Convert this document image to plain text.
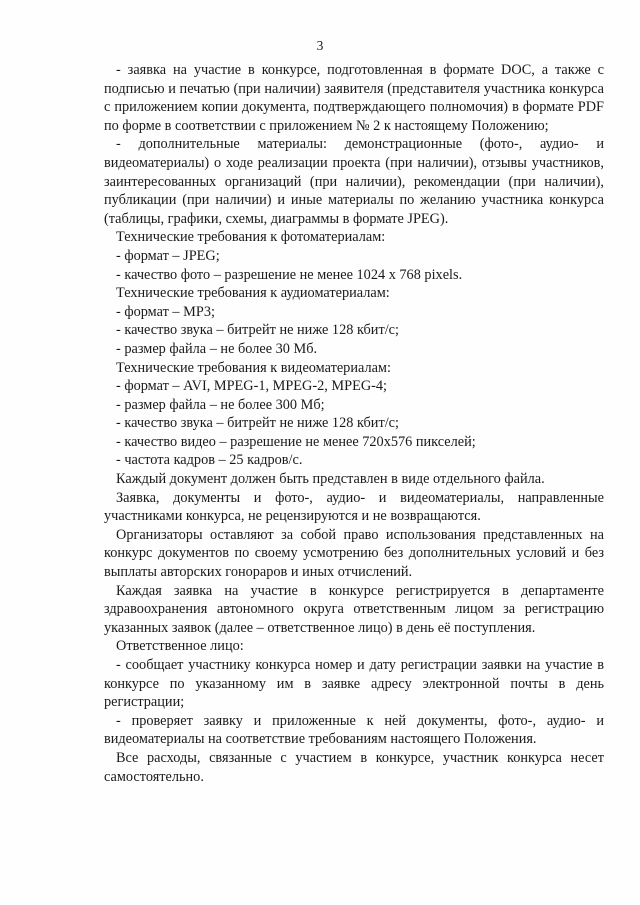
3

- заявка на участие в конкурсе, подготовленная в формате DOC, а также с подписью и печатью (при наличии) заявителя (представителя участника конкурса с приложением копии документа, подтверждающего полномочия) в формате PDF по форме в соответствии с приложением № 2 к настоящему Положению;

- дополнительные материалы: демонстрационные (фото-, аудио- и видеоматериалы) о ходе реализации проекта (при наличии), отзывы участников, заинтересованных организаций (при наличии), рекомендации (при наличии), публикации (при наличии) и иные материалы по желанию участника конкурса (таблицы, графики, схемы, диаграммы в формате JPEG).

Технические требования к фотоматериалам:

- формат – JPEG;

- качество фото – разрешение не менее 1024 x 768 pixels.

Технические требования к аудиоматериалам:

- формат – MP3;

- качество звука – битрейт не ниже 128 кбит/с;

- размер файла – не более 30 Мб.

Технические требования к видеоматериалам:

- формат – AVI, MPEG-1, MPEG-2, MPEG-4;

- размер файла – не более 300 Мб;

- качество звука – битрейт не ниже 128 кбит/с;

- качество видео – разрешение не менее 720x576 пикселей;

- частота кадров – 25 кадров/с.

Каждый документ должен быть представлен в виде отдельного файла.

Заявка, документы и фото-, аудио- и видеоматериалы, направленные участниками конкурса, не рецензируются и не возвращаются.

Организаторы оставляют за собой право использования представленных на конкурс документов по своему усмотрению без дополнительных условий и без выплаты авторских гонораров и иных отчислений.

Каждая заявка на участие в конкурсе регистрируется в департаменте здравоохранения автономного округа ответственным лицом за регистрацию указанных заявок (далее – ответственное лицо) в день её поступления.

Ответственное лицо:

- сообщает участнику конкурса номер и дату регистрации заявки на участие в конкурсе по указанному им в заявке адресу электронной почты в день регистрации;

- проверяет заявку и приложенные к ней документы, фото-, аудио- и видеоматериалы на соответствие требованиям настоящего Положения.

Все расходы, связанные с участием в конкурсе, участник конкурса несет самостоятельно.
